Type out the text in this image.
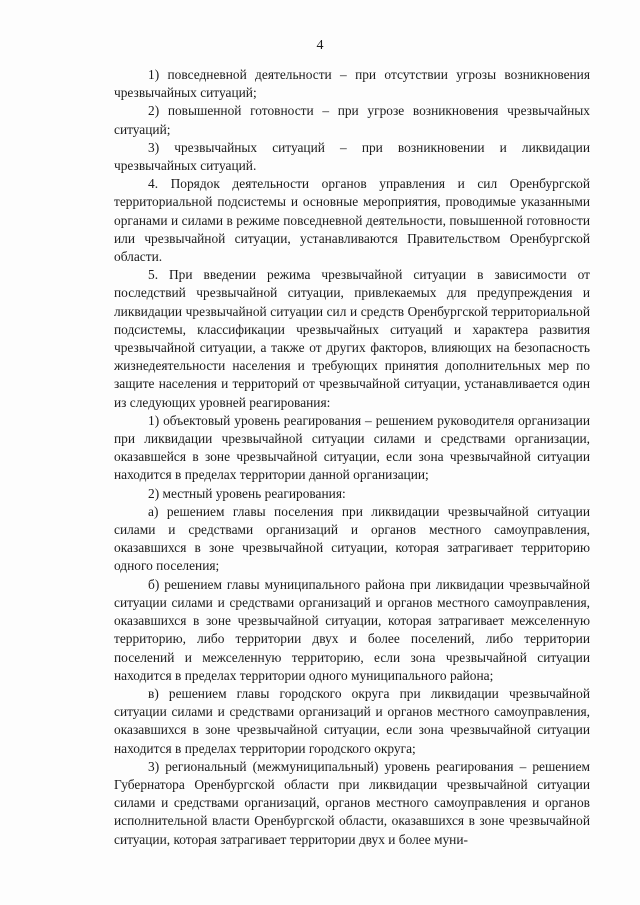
4

1) повседневной деятельности – при отсутствии угрозы возникновения чрезвычайных ситуаций;

2) повышенной готовности – при угрозе возникновения чрезвычайных ситуаций;

3) чрезвычайных ситуаций – при возникновении и ликвидации чрезвычайных ситуаций.

4. Порядок деятельности органов управления и сил Оренбургской территориальной подсистемы и основные мероприятия, проводимые указанными органами и силами в режиме повседневной деятельности, повышенной готовности или чрезвычайной ситуации, устанавливаются Правительством Оренбургской области.

5. При введении режима чрезвычайной ситуации в зависимости от последствий чрезвычайной ситуации, привлекаемых для предупреждения и ликвидации чрезвычайной ситуации сил и средств Оренбургской территориальной подсистемы, классификации чрезвычайных ситуаций и характера развития чрезвычайной ситуации, а также от других факторов, влияющих на безопасность жизнедеятельности населения и требующих принятия дополнительных мер по защите населения и территорий от чрезвычайной ситуации, устанавливается один из следующих уровней реагирования:

1) объектовый уровень реагирования – решением руководителя организации при ликвидации чрезвычайной ситуации силами и средствами организации, оказавшейся в зоне чрезвычайной ситуации, если зона чрезвычайной ситуации находится в пределах территории данной организации;

2) местный уровень реагирования:

а) решением главы поселения при ликвидации чрезвычайной ситуации силами и средствами организаций и органов местного самоуправления, оказавшихся в зоне чрезвычайной ситуации, которая затрагивает территорию одного поселения;

б) решением главы муниципального района при ликвидации чрезвычайной ситуации силами и средствами организаций и органов местного самоуправления, оказавшихся в зоне чрезвычайной ситуации, которая затрагивает межселенную территорию, либо территории двух и более поселений, либо территории поселений и межселенную территорию, если зона чрезвычайной ситуации находится в пределах территории одного муниципального района;

в) решением главы городского округа при ликвидации чрезвычайной ситуации силами и средствами организаций и органов местного самоуправления, оказавшихся в зоне чрезвычайной ситуации, если зона чрезвычайной ситуации находится в пределах территории городского округа;

3) региональный (межмуниципальный) уровень реагирования – решением Губернатора Оренбургской области при ликвидации чрезвычайной ситуации силами и средствами организаций, органов местного самоуправления и органов исполнительной власти Оренбургской области, оказавшихся в зоне чрезвычайной ситуации, которая затрагивает территории двух и более муни-
